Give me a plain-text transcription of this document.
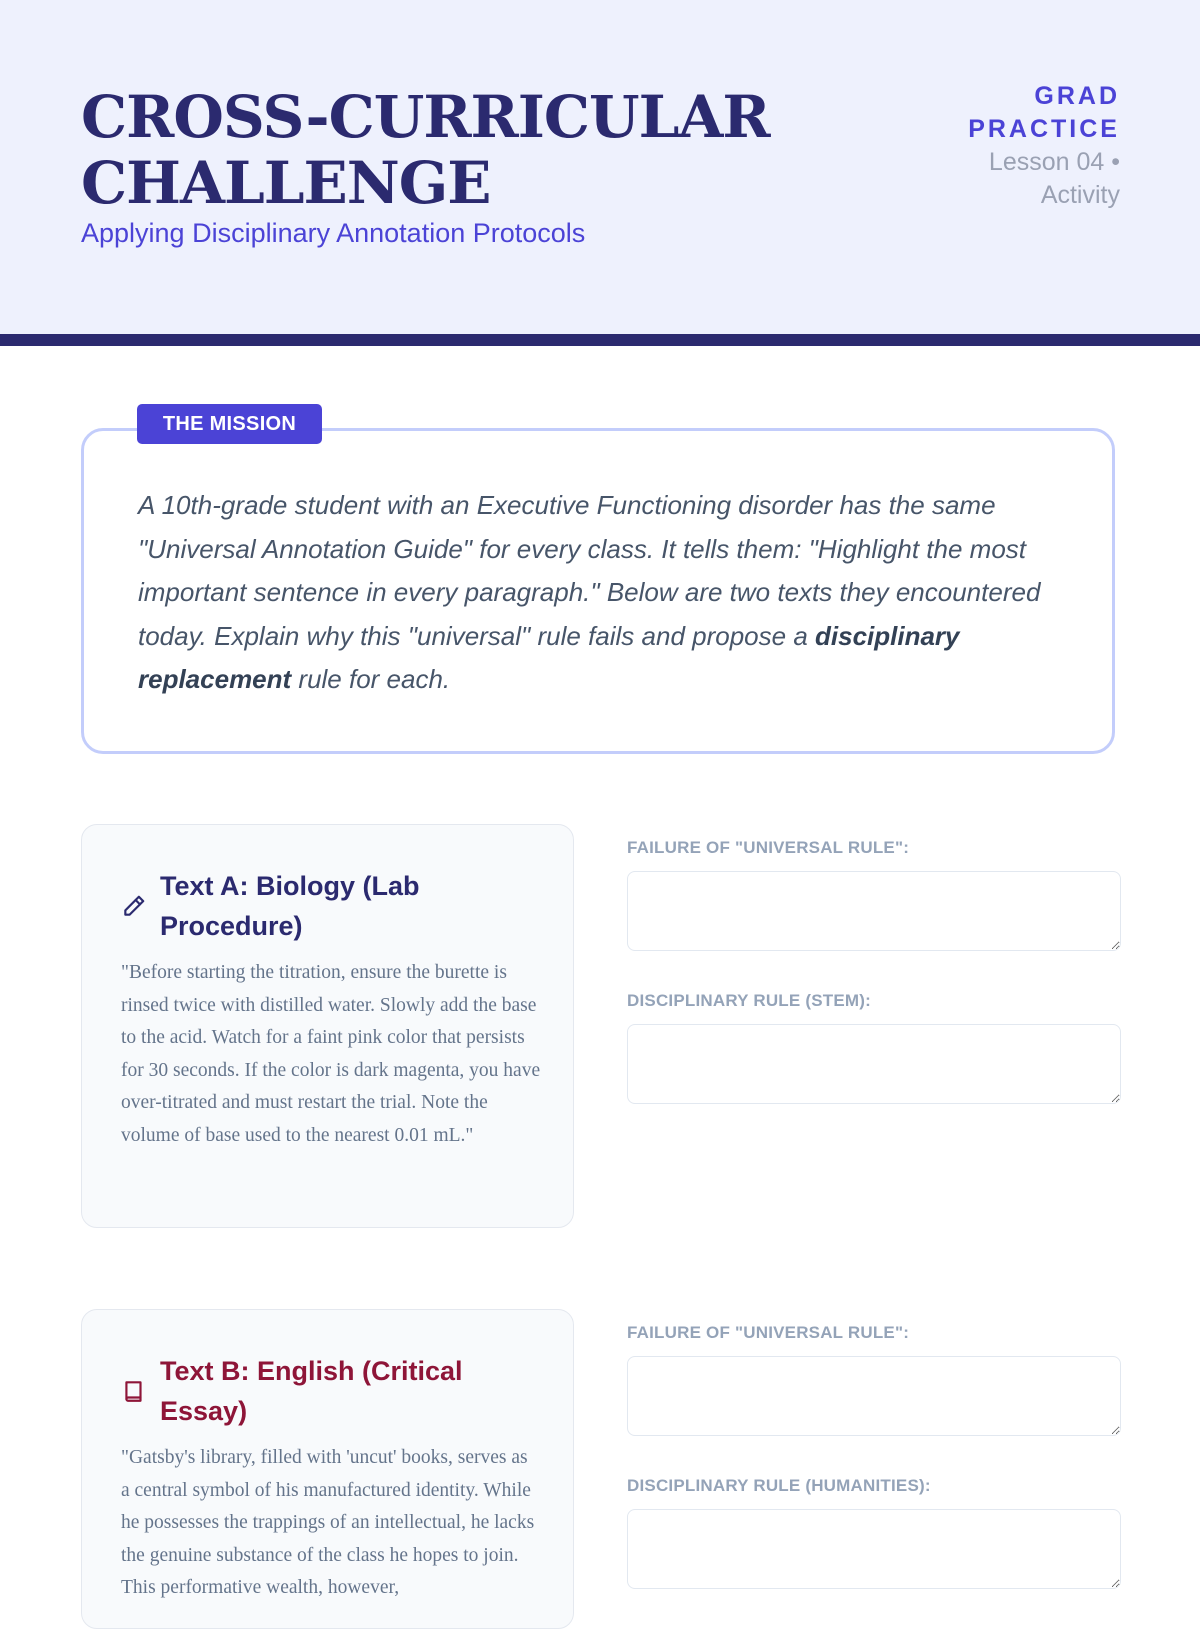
CROSS-CURRICULAR
CHALLENGE
Applying Disciplinary Annotation Protocols
GRAD
PRACTICE
Lesson 04 •
Activity
THE MISSION

A 10th-grade student with an Executive Functioning disorder has the same "Universal Annotation Guide" for every class. It tells them: "Highlight the most important sentence in every paragraph." Below are two texts they encountered today. Explain why this "universal" rule fails and propose a disciplinary replacement rule for each.

Text A: Biology (Lab Procedure)

"Before starting the titration, ensure the burette is rinsed twice with distilled water. Slowly add the base to the acid. Watch for a faint pink color that persists for 30 seconds. If the color is dark magenta, you have over-titrated and must restart the trial. Note the volume of base used to the nearest 0.01 mL."

FAILURE OF "UNIVERSAL RULE":
DISCIPLINARY RULE (STEM):
Text B: English (Critical Essay)

"Gatsby's library, filled with 'uncut' books, serves as a central symbol of his manufactured identity. While he possesses the trappings of an intellectual, he lacks the genuine substance of the class he hopes to join. This performative wealth, however,

FAILURE OF "UNIVERSAL RULE":
DISCIPLINARY RULE (HUMANITIES):
